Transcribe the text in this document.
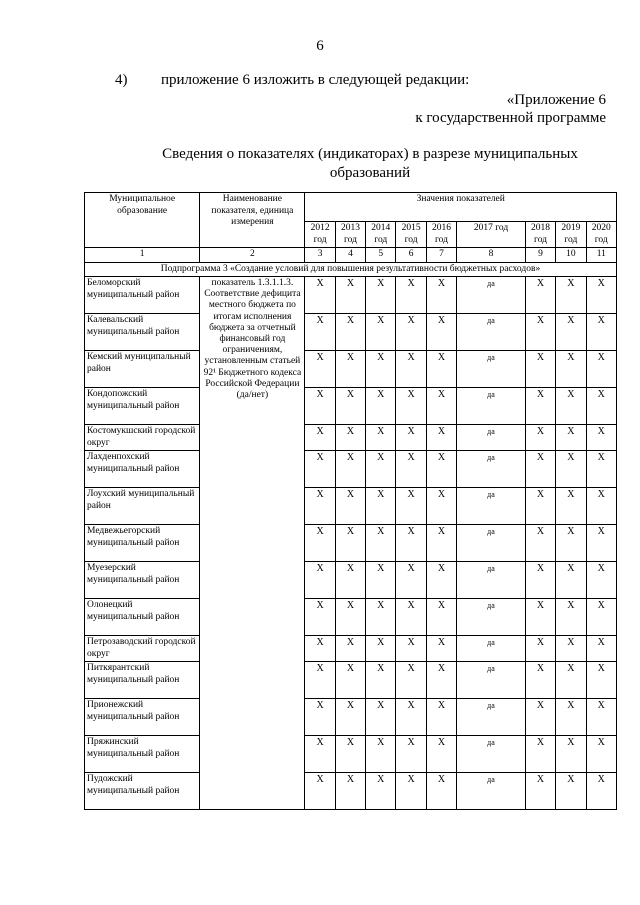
6
4) приложение 6 изложить в следующей редакции:
«Приложение 6
к государственной программе
Сведения о показателях (индикаторах) в разрезе муниципальных образований
Муниципальное образование	Наименование показателя, единица измерения	Значения показателей								
		2012 год	2013 год	2014 год	2015 год	2016 год	2017 год	2018 год	2019 год	2020 год
1	2	3	4	5	6	7	8	9	10	11
Подпрограмма 3 «Создание условий для повышения результативности бюджетных расходов»										
Беломорский муниципальный район	показатель 1.3.1.1.3. Соответствие дефицита местного бюджета по итогам исполнения бюджета за отчетный финансовый год ограничениям, установленным статьей 92¹ Бюджетного кодекса Российской Федерации (да/нет)	X	X	X	X	X	да	X	X	X
Калевальский муниципальный район		X	X	X	X	X	да	X	X	X
Кемский муниципальный район		X	X	X	X	X	да	X	X	X
Кондопожский муниципальный район		X	X	X	X	X	да	X	X	X
Костомукшский городской округ		X	X	X	X	X	да	X	X	X
Лахденпохский муниципальный район		X	X	X	X	X	да	X	X	X
Лоухский муниципальный район		X	X	X	X	X	да	X	X	X
Медвежьегорский муниципальный район		X	X	X	X	X	да	X	X	X
Муезерский муниципальный район		X	X	X	X	X	да	X	X	X
Олонецкий муниципальный район		X	X	X	X	X	да	X	X	X
Петрозаводский городской округ		X	X	X	X	X	да	X	X	X
Питкярантский муниципальный район		X	X	X	X	X	да	X	X	X
Прионежский муниципальный район		X	X	X	X	X	да	X	X	X
Пряжинский муниципальный район		X	X	X	X	X	да	X	X	X
Пудожский муниципальный район		X	X	X	X	X	да	X	X	X
